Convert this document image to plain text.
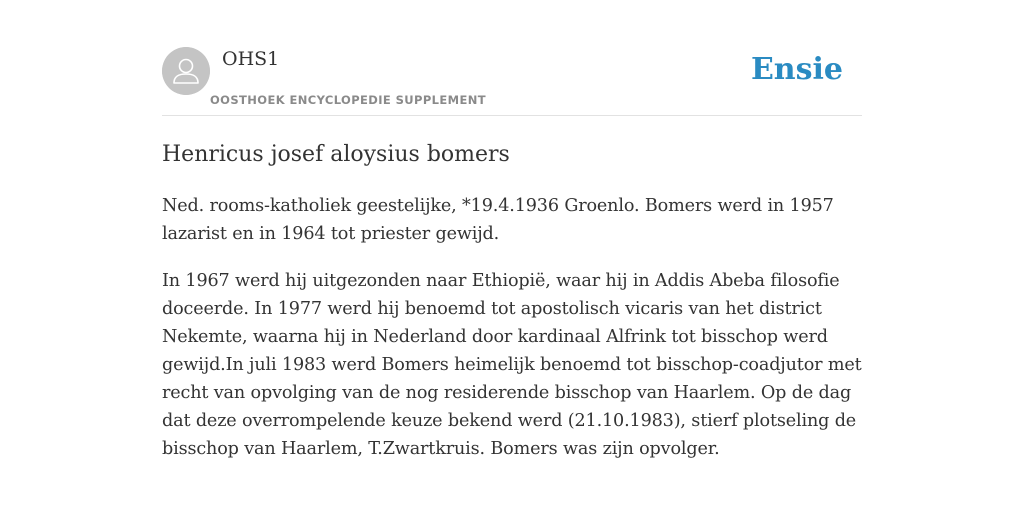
OHS1
OOSTHOEK ENCYCLOPEDIE SUPPLEMENT
Ensie
Henricus josef aloysius bomers

Ned. rooms-katholiek geestelijke, *19.4.1936 Groenlo. Bomers werd in 1957 lazarist en in 1964 tot priester gewijd.

In 1967 werd hij uitgezonden naar Ethiopië, waar hij in Addis Abeba filosofie doceerde. In 1977 werd hij benoemd tot apostolisch vicaris van het district Nekemte, waarna hij in Nederland door kardinaal Alfrink tot bisschop werd gewijd.In juli 1983 werd Bomers heimelijk benoemd tot bisschop-coadjutor met recht van opvolging van de nog residerende bisschop van Haarlem. Op de dag dat deze overrompelende keuze bekend werd (21.10.1983), stierf plotseling de bisschop van Haarlem, T.Zwartkruis. Bomers was zijn opvolger.
